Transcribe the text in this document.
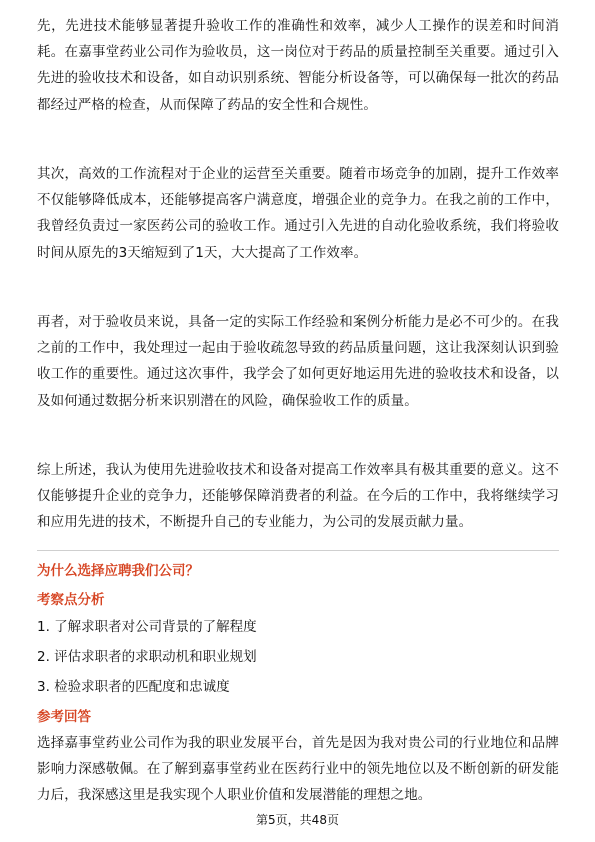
先，先进技术能够显著提升验收工作的准确性和效率，减少人工操作的误差和时间消耗。在嘉事堂药业公司作为验收员，这一岗位对于药品的质量控制至关重要。通过引入先进的验收技术和设备，如自动识别系统、智能分析设备等，可以确保每一批次的药品都经过严格的检查，从而保障了药品的安全性和合规性。

其次，高效的工作流程对于企业的运营至关重要。随着市场竞争的加剧，提升工作效率不仅能够降低成本，还能够提高客户满意度，增强企业的竞争力。在我之前的工作中，我曾经负责过一家医药公司的验收工作。通过引入先进的自动化验收系统，我们将验收时间从原先的3天缩短到了1天，大大提高了工作效率。

再者，对于验收员来说，具备一定的实际工作经验和案例分析能力是必不可少的。在我之前的工作中，我处理过一起由于验收疏忽导致的药品质量问题，这让我深刻认识到验收工作的重要性。通过这次事件，我学会了如何更好地运用先进的验收技术和设备，以及如何通过数据分析来识别潜在的风险，确保验收工作的质量。

综上所述，我认为使用先进验收技术和设备对提高工作效率具有极其重要的意义。这不仅能够提升企业的竞争力，还能够保障消费者的利益。在今后的工作中，我将继续学习和应用先进的技术，不断提升自己的专业能力，为公司的发展贡献力量。

为什么选择应聘我们公司？
考察点分析
1. 了解求职者对公司背景的了解程度
2. 评估求职者的求职动机和职业规划
3. 检验求职者的匹配度和忠诚度
参考回答

选择嘉事堂药业公司作为我的职业发展平台，首先是因为我对贵公司的行业地位和品牌影响力深感敬佩。在了解到嘉事堂药业在医药行业中的领先地位以及不断创新的研发能力后，我深感这里是我实现个人职业价值和发展潜能的理想之地。

第5页，共48页
